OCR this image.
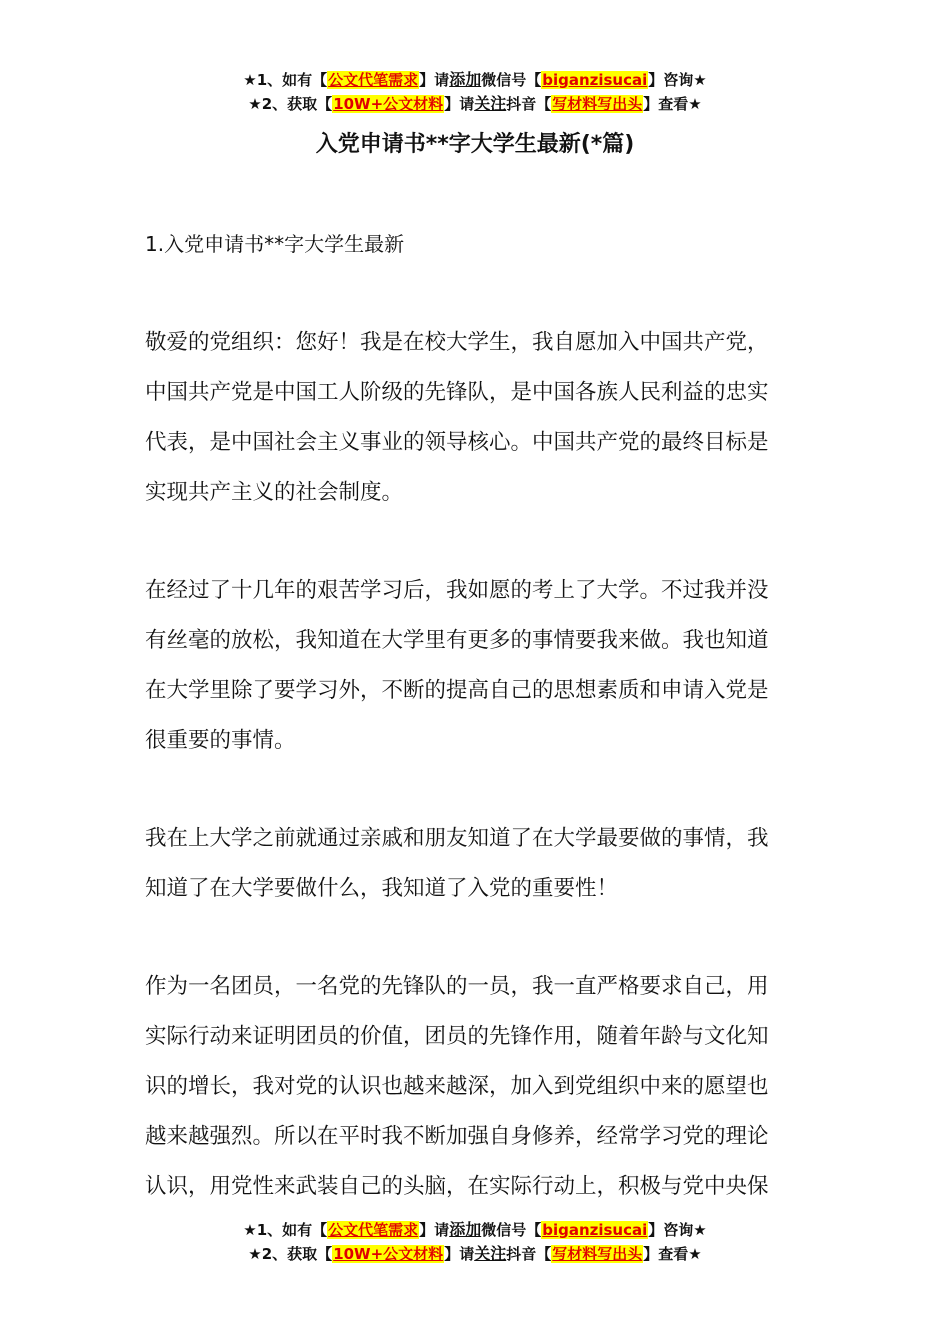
★1、如有【公文代笔需求】请添加微信号【biganzisucai】咨询★
★2、获取【10W+公文材料】请关注抖音【写材料写出头】查看★
入党申请书**字大学生最新(*篇)
1.入党申请书**字大学生最新
敬爱的党组织：您好！我是在校大学生，我自愿加入中国共产党，
中国共产党是中国工人阶级的先锋队，是中国各族人民利益的忠实
代表，是中国社会主义事业的领导核心。中国共产党的最终目标是
实现共产主义的社会制度。
在经过了十几年的艰苦学习后，我如愿的考上了大学。不过我并没
有丝毫的放松，我知道在大学里有更多的事情要我来做。我也知道
在大学里除了要学习外，不断的提高自己的思想素质和申请入党是
很重要的事情。
我在上大学之前就通过亲戚和朋友知道了在大学最要做的事情，我
知道了在大学要做什么，我知道了入党的重要性！
作为一名团员，一名党的先锋队的一员，我一直严格要求自己，用
实际行动来证明团员的价值，团员的先锋作用，随着年龄与文化知
识的增长，我对党的认识也越来越深，加入到党组织中来的愿望也
越来越强烈。所以在平时我不断加强自身修养，经常学习党的理论
认识，用党性来武装自己的头脑，在实际行动上，积极与党中央保
★1、如有【公文代笔需求】请添加微信号【biganzisucai】咨询★
★2、获取【10W+公文材料】请关注抖音【写材料写出头】查看★
